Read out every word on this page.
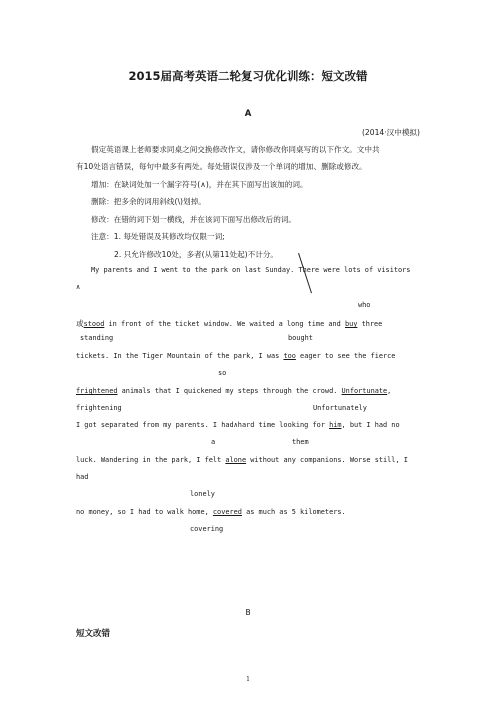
2015届高考英语二轮复习优化训练：短文改错
A
(2014·汉中模拟)
假定英语课上老师要求同桌之间交换修改作文，请你修改你同桌写的以下作文。文中共
有10处语言错误，每句中最多有两处。每处错误仅涉及一个单词的增加、删除或修改。
增加：在缺词处加一个漏字符号(∧)，并在其下面写出该加的词。
删除：把多余的词用斜线(\)划掉。
修改：在错的词下划一横线，并在该词下面写出修改后的词。
注意：1. 每处错误及其修改均仅限一词;
2. 只允许修改10处，多者(从第11处起)不计分。
My parents and I went to the park on last Sunday. There were lots of visitors
∧
who
或stood in front of the ticket window. We waited a long time and buy three
standing	bought
tickets. In the Tiger Mountain of the park, I was too eager to see the fierce
so
frightened animals that I quickened my steps through the crowd. Unfortunate,
frightening	Unfortunately
I got separated from my parents. I had∧hard time looking for him, but I had no
a	them
luck. Wandering in the park, I felt alone without any companions. Worse still, I
had
lonely
no money, so I had to walk home, covered as much as 5 kilometers.
covering
B
短文改错
1
